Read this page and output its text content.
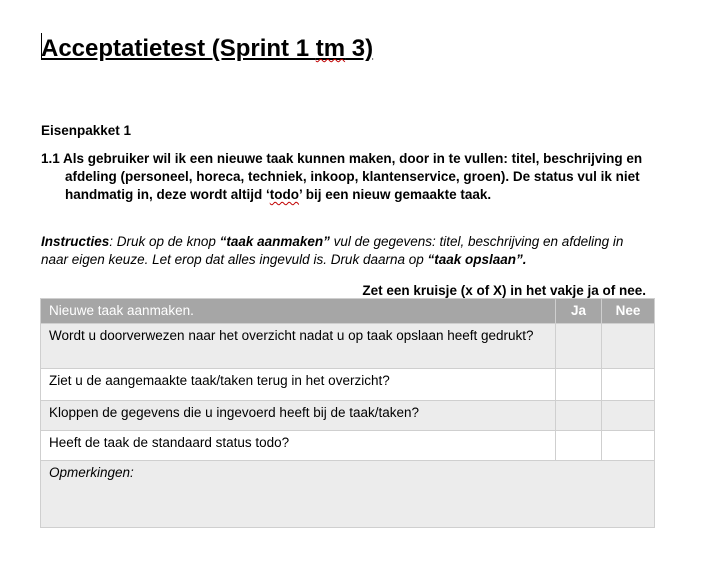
Acceptatietest (Sprint 1 tm 3)
Eisenpakket 1
1.1 Als gebruiker wil ik een nieuwe taak kunnen maken, door in te vullen: titel, beschrijving en afdeling (personeel, horeca, techniek, inkoop, klantenservice, groen). De status vul ik niet handmatig in, deze wordt altijd ‘todo’ bij een nieuw gemaakte taak.
Instructies: Druk op de knop “taak aanmaken” vul de gegevens: titel, beschrijving en afdeling in naar eigen keuze. Let erop dat alles ingevuld is. Druk daarna op “taak opslaan”.
Zet een kruisje (x of X) in het vakje ja of nee.
Nieuwe taak aanmaken.	Ja	Nee
Wordt u doorverwezen naar het overzicht nadat u op taak opslaan heeft gedrukt?		
Ziet u de aangemaakte taak/taken terug in het overzicht?		
Kloppen de gegevens die u ingevoerd heeft bij de taak/taken?		
Heeft de taak de standaard status todo?		
Opmerkingen:		
